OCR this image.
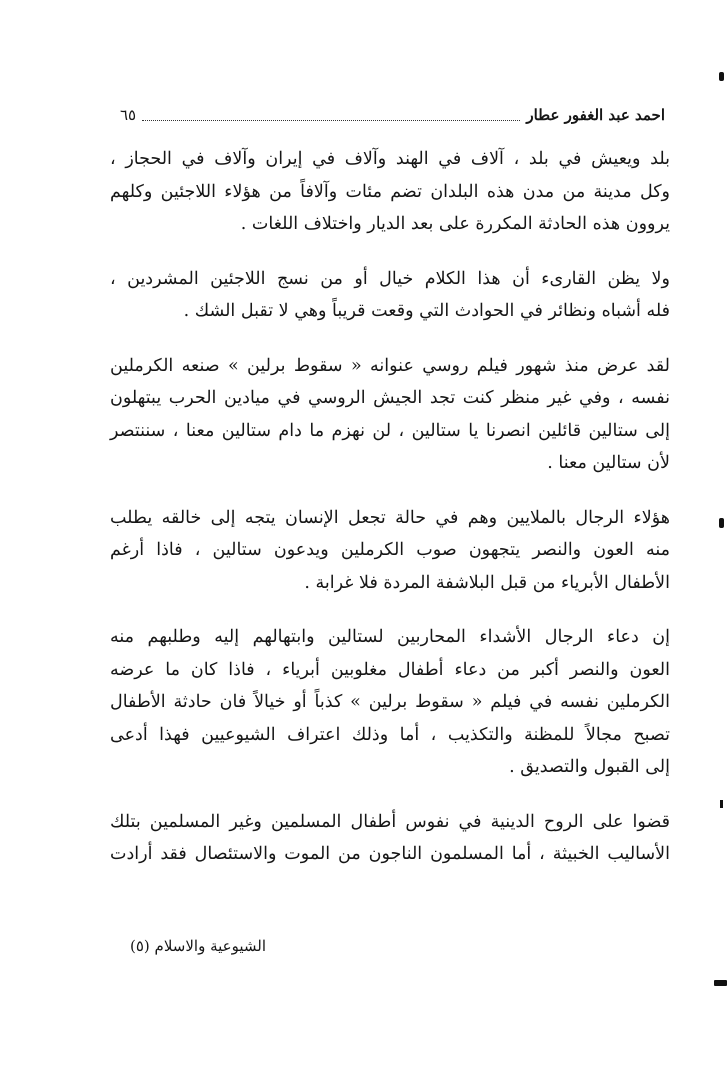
احمد عبد الغفور عطار
٦٥

بلد ويعيش في بلد ، آلاف في الهند وآلاف في إيران وآلاف في الحجاز ،
وكل مدينة من مدن هذه البلدان تضم مئات وآلافاً من هؤلاء اللاجئين وكلهم
يروون هذه الحادثة المكررة على بعد الديار واختلاف اللغات .

ولا يظن القارىء أن هذا الكلام خيال أو من نسج اللاجئين المشردين ،
فله أشباه ونظائر في الحوادث التي وقعت قريباً وهي لا تقبل الشك .

لقد عرض منذ شهور فيلم روسي عنوانه « سقوط برلين » صنعه الكرملين
نفسه ، وفي غير منظر كنت تجد الجيش الروسي في ميادين الحرب يبتهلون
إلى ستالين قائلين انصرنا يا ستالين ، لن نهزم ما دام ستالين معنا ، سننتصر
لأن ستالين معنا .

هؤلاء الرجال بالملايين وهم في حالة تجعل الإنسان يتجه إلى خالقه يطلب
منه العون والنصر يتجهون صوب الكرملين ويدعون ستالين ، فاذا أرغم
الأطفال الأبرياء من قبل البلاشفة المردة فلا غرابة .

إن دعاء الرجال الأشداء المحاربين لستالين وابتهالهم إليه وطلبهم منه
العون والنصر أكبر من دعاء أطفال مغلوبين أبرياء ، فاذا كان ما عرضه
الكرملين نفسه في فيلم « سقوط برلين » كذباً أو خيالاً فان حادثة الأطفال
تصبح مجالاً للمظنة والتكذيب ، أما وذلك اعتراف الشيوعيين فهذا أدعى
إلى القبول والتصديق .

قضوا على الروح الدينية في نفوس أطفال المسلمين وغير المسلمين بتلك
الأساليب الخبيثة ، أما المسلمون الناجون من الموت والاستئصال فقد أرادت

الشيوعية والاسلام (٥)
